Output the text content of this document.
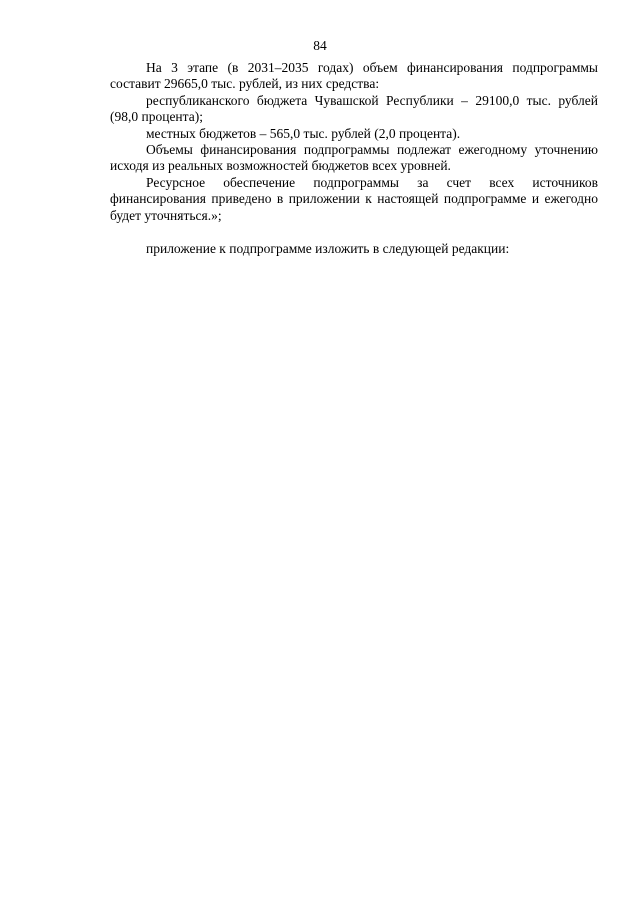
84

На 3 этапе (в 2031–2035 годах) объем финансирования подпрограммы составит 29665,0 тыс. рублей, из них средства:

республиканского бюджета Чувашской Республики – 29100,0 тыс. рублей (98,0 процента);

местных бюджетов – 565,0 тыс. рублей (2,0 процента).

Объемы финансирования подпрограммы подлежат ежегодному уточнению исходя из реальных возможностей бюджетов всех уровней.

Ресурсное обеспечение подпрограммы за счет всех источников финансирования приведено в приложении к настоящей подпрограмме и ежегодно будет уточняться.»;

приложение к подпрограмме изложить в следующей редакции:
